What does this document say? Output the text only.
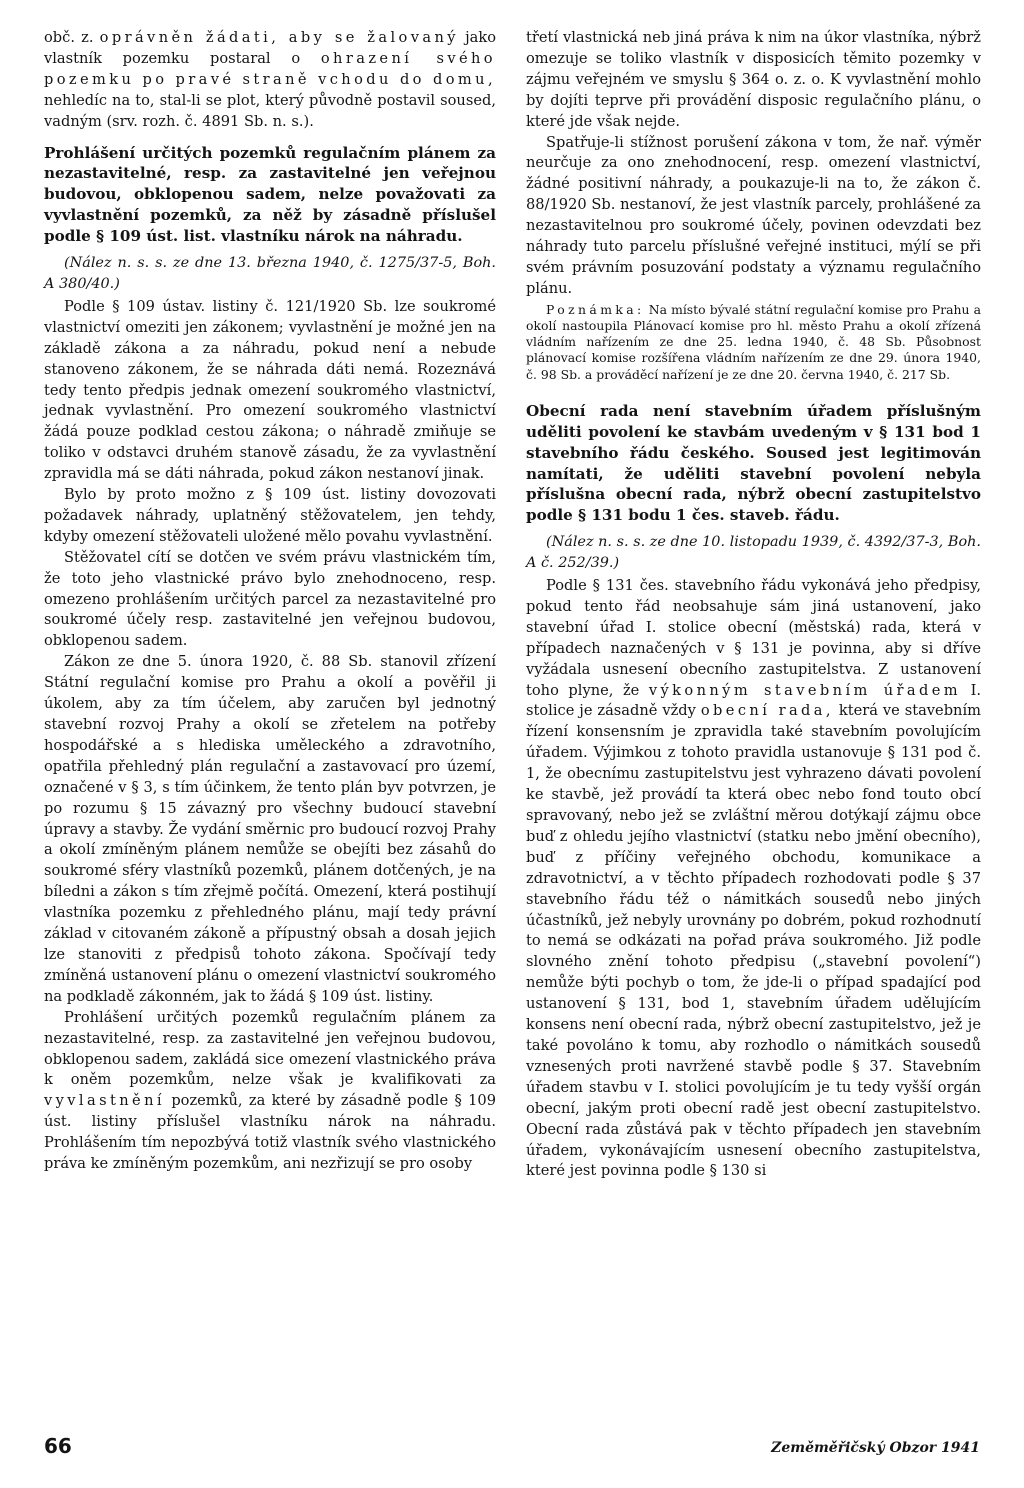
obč. z. oprávněn žádati, aby se žalovaný jako vlastník pozemku postaral o ohrazení svého pozemku po pravé straně vchodu do domu, nehledíc na to, stal-li se plot, který původně postavil soused, vadným (srv. rozh. č. 4891 Sb. n. s.).

Prohlášení určitých pozemků regulačním plánem za nezastavitelné, resp. za zastavitelné jen veřejnou budovou, obklopenou sadem, nelze považovati za vyvlastnění pozemků, za něž by zásadně příslušel podle § 109 úst. list. vlastníku nárok na náhradu.

(Nález n. s. s. ze dne 13. března 1940, č. 1275/37-5, Boh. A 380/40.)

Podle § 109 ústav. listiny č. 121/1920 Sb. lze soukromé vlastnictví omeziti jen zákonem; vyvlastnění je možné jen na základě zákona a za náhradu, pokud není a nebude stanoveno zákonem, že se náhrada dáti nemá. Rozeznává tedy tento předpis jednak omezení soukromého vlastnictví, jednak vyvlastnění. Pro omezení soukromého vlastnictví žádá pouze podklad cestou zákona; o náhradě zmiňuje se toliko v odstavci druhém stanově zásadu, že za vyvlastnění zpravidla má se dáti náhrada, pokud zákon nestanoví jinak.

Bylo by proto možno z § 109 úst. listiny dovozovati požadavek náhrady, uplatněný stěžovatelem, jen tehdy, kdyby omezení stěžovateli uložené mělo povahu vyvlastnění.

Stěžovatel cítí se dotčen ve svém právu vlastnickém tím, že toto jeho vlastnické právo bylo znehodnoceno, resp. omezeno prohlášením určitých parcel za nezastavitelné pro soukromé účely resp. zastavitelné jen veřejnou budovou, obklopenou sadem.

Zákon ze dne 5. února 1920, č. 88 Sb. stanovil zřízení Státní regulační komise pro Prahu a okolí a pověřil ji úkolem, aby za tím účelem, aby zaručen byl jednotný stavební rozvoj Prahy a okolí se zřetelem na potřeby hospodářské a s hlediska uměleckého a zdravotního, opatřila přehledný plán regulační a zastavovací pro území, označené v § 3, s tím účinkem, že tento plán byv potvrzen, je po rozumu § 15 závazný pro všechny budoucí stavební úpravy a stavby. Že vydání směrnic pro budoucí rozvoj Prahy a okolí zmíněným plánem nemůže se obejíti bez zásahů do soukromé sféry vlastníků pozemků, plánem dotčených, je na bíledni a zákon s tím zřejmě počítá. Omezení, která postihují vlastníka pozemku z přehledného plánu, mají tedy právní základ v citovaném zákoně a přípustný obsah a dosah jejich lze stanoviti z předpisů tohoto zákona. Spočívají tedy zmíněná ustanovení plánu o omezení vlastnictví soukromého na podkladě zákonném, jak to žádá § 109 úst. listiny.

Prohlášení určitých pozemků regulačním plánem za nezastavitelné, resp. za zastavitelné jen veřejnou budovou, obklopenou sadem, zakládá sice omezení vlastnického práva k oněm pozemkům, nelze však je kvalifikovati za vyvlastnění pozemků, za které by zásadně podle § 109 úst. listiny příslušel vlastníku nárok na náhradu. Prohlášením tím nepozbývá totiž vlastník svého vlastnického práva ke zmíněným pozemkům, ani nezřizují se pro osoby

třetí vlastnická neb jiná práva k nim na úkor vlastníka, nýbrž omezuje se toliko vlastník v disposicích těmito pozemky v zájmu veřejném ve smyslu § 364 o. z. o. K vyvlastnění mohlo by dojíti teprve při provádění disposic regulačního plánu, o které jde však nejde.

Spatřuje-li stížnost porušení zákona v tom, že nař. výměr neurčuje za ono znehodnocení, resp. omezení vlastnictví, žádné positivní náhrady, a poukazuje-li na to, že zákon č. 88/1920 Sb. nestanoví, že jest vlastník parcely, prohlášené za nezastavitelnou pro soukromé účely, povinen odevzdati bez náhrady tuto parcelu příslušné veřejné instituci, mýlí se při svém právním posuzování podstaty a významu regulačního plánu.

Poznámka: Na místo bývalé státní regulační komise pro Prahu a okolí nastoupila Plánovací komise pro hl. město Prahu a okolí zřízená vládním nařízením ze dne 25. ledna 1940, č. 48 Sb. Působnost plánovací komise rozšířena vládním nařízením ze dne 29. února 1940, č. 98 Sb. a prováděcí nařízení je ze dne 20. června 1940, č. 217 Sb.

Obecní rada není stavebním úřadem příslušným uděliti povolení ke stavbám uvedeným v § 131 bod 1 stavebního řádu českého. Soused jest legitimován namítati, že uděliti stavební povolení nebyla příslušna obecní rada, nýbrž obecní zastupitelstvo podle § 131 bodu 1 čes. staveb. řádu.

(Nález n. s. s. ze dne 10. listopadu 1939, č. 4392/37-3, Boh. A č. 252/39.)

Podle § 131 čes. stavebního řádu vykonává jeho předpisy, pokud tento řád neobsahuje sám jiná ustanovení, jako stavební úřad I. stolice obecní (městská) rada, která v případech naznačených v § 131 je povinna, aby si dříve vyžádala usnesení obecního zastupitelstva. Z ustanovení toho plyne, že výkonným stavebním úřadem I. stolice je zásadně vždy obecní rada, která ve stavebním řízení konsensním je zpravidla také stavebním povolujícím úřadem. Výjimkou z tohoto pravidla ustanovuje § 131 pod č. 1, že obecnímu zastupitelstvu jest vyhrazeno dávati povolení ke stavbě, jež provádí ta která obec nebo fond touto obcí spravovaný, nebo jež se zvláštní měrou dotýkají zájmu obce buď z ohledu jejího vlastnictví (statku nebo jmění obecního), buď z příčiny veřejného obchodu, komunikace a zdravotnictví, a v těchto případech rozhodovati podle § 37 stavebního řádu též o námitkách sousedů nebo jiných účastníků, jež nebyly urovnány po dobrém, pokud rozhodnutí to nemá se odkázati na pořad práva soukromého. Již podle slovného znění tohoto předpisu („stavební povolení“) nemůže býti pochyb o tom, že jde-li o případ spadající pod ustanovení § 131, bod 1, stavebním úřadem udělujícím konsens není obecní rada, nýbrž obecní zastupitelstvo, jež je také povoláno k tomu, aby rozhodlo o námitkách sousedů vznesených proti navržené stavbě podle § 37. Stavebním úřadem stavbu v I. stolici povolujícím je tu tedy vyšší orgán obecní, jakým proti obecní radě jest obecní zastupitelstvo. Obecní rada zůstává pak v těchto případech jen stavebním úřadem, vykonávajícím usnesení obecního zastupitelstva, které jest povinna podle § 130 si

66	Zeměměřičský Obzor 1941
